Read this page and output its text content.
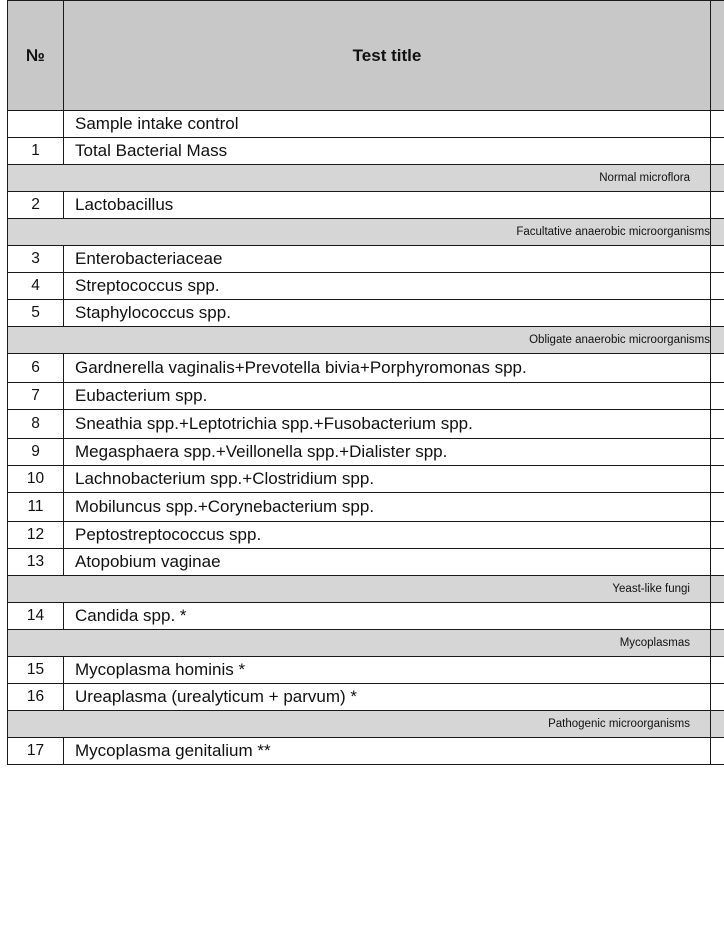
№	Test title	
	Sample intake control	
1	Total Bacterial Mass	
Normal microflora		
2	Lactobacillus	
Facultative anaerobic microorganisms		
3	Enterobacteriaceae	
4	Streptococcus spp.	
5	Staphylococcus spp.	
Obligate anaerobic microorganisms		
6	Gardnerella vaginalis+Prevotella bivia+Porphyromonas spp.	
7	Eubacterium spp.	
8	Sneathia spp.+Leptotrichia spp.+Fusobacterium spp.	
9	Megasphaera spp.+Veillonella spp.+Dialister spp.	
10	Lachnobacterium spp.+Clostridium spp.	
11	Mobiluncus spp.+Corynebacterium spp.	
12	Peptostreptococcus spp.	
13	Atopobium vaginae	
Yeast-like fungi		
14	Candida spp. *	
Mycoplasmas		
15	Mycoplasma hominis *	
16	Ureaplasma (urealyticum + parvum) *	
Pathogenic microorganisms		
17	Mycoplasma genitalium **	
